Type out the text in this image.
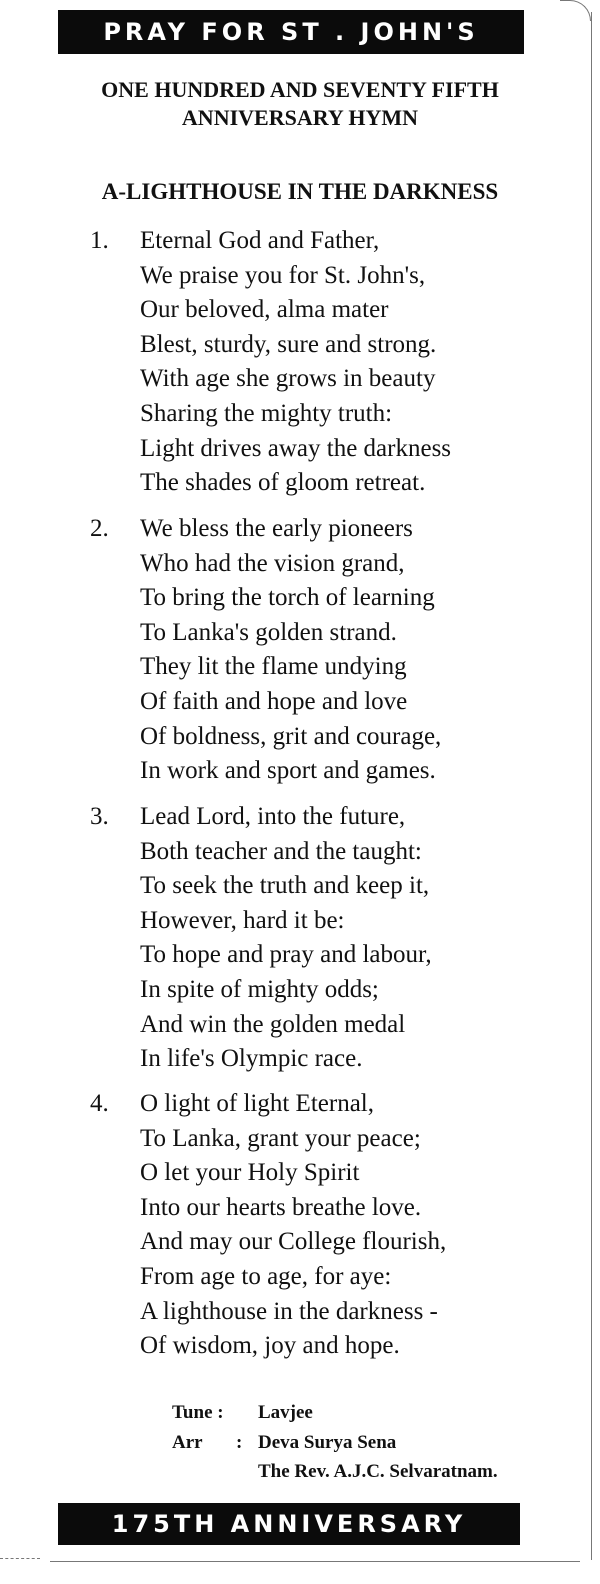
PRAY FOR ST . JOHN'S
ONE HUNDRED AND SEVENTY FIFTH
ANNIVERSARY HYMN
A-LIGHTHOUSE IN THE DARKNESS
1. Eternal God and Father,
We praise you for St. John's,
Our beloved, alma mater
Blest, sturdy, sure and strong.
With age she grows in beauty
Sharing the mighty truth:
Light drives away the darkness
The shades of gloom retreat.
2. We bless the early pioneers
Who had the vision grand,
To bring the torch of learning
To Lanka's golden strand.
They lit the flame undying
Of faith and hope and love
Of boldness, grit and courage,
In work and sport and games.
3. Lead Lord, into the future,
Both teacher and the taught:
To seek the truth and keep it,
However, hard it be:
To hope and pray and labour,
In spite of mighty odds;
And win the golden medal
In life's Olympic race.
4. O light of light Eternal,
To Lanka, grant your peace;
O let your Holy Spirit
Into our hearts breathe love.
And may our College flourish,
From age to age, for aye:
A lighthouse in the darkness -
Of wisdom, joy and hope.
Tune : Lavjee
Arr : Deva Surya Sena
The Rev. A.J.C. Selvaratnam.
175TH ANNIVERSARY
